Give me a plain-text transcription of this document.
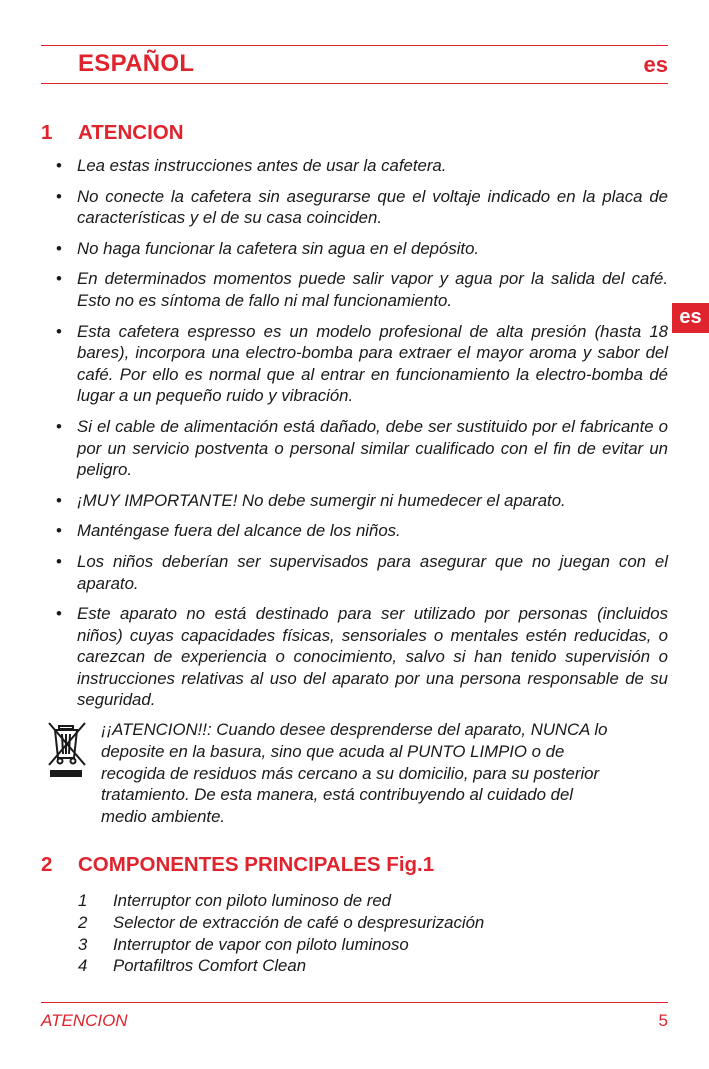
ESPAÑOL	es
es
1 ATENCION
• Lea estas instrucciones antes de usar la cafetera.
• No conecte la cafetera sin asegurarse que el voltaje indicado en la placa de características y el de su casa coinciden.
• No haga funcionar la cafetera sin agua en el depósito.
• En determinados momentos puede salir vapor y agua por la salida del café. Esto no es síntoma de fallo ni mal funcionamiento.
• Esta cafetera espresso es un modelo profesional de alta presión (hasta 18 bares), incorpora una electro-bomba para extraer el mayor aroma y sabor del café. Por ello es normal que al entrar en funcionamiento la electro-bomba dé lugar a un pequeño ruido y vibración.
• Si el cable de alimentación está dañado, debe ser sustituido por el fabricante o por un servicio postventa o personal similar cualificado con el fin de evitar un peligro.
• ¡MUY IMPORTANTE! No debe sumergir ni humedecer el aparato.
• Manténgase fuera del alcance de los niños.
• Los niños deberían ser supervisados para asegurar que no juegan con el aparato.
• Este aparato no está destinado para ser utilizado por personas (incluidos niños) cuyas capacidades físicas, sensoriales o mentales estén reducidas, o carezcan de experiencia o conocimiento, salvo si han tenido supervisión o instrucciones relativas al uso del aparato por una persona responsable de su seguridad.
¡¡ATENCION!!: Cuando desee desprenderse del aparato, NUNCA lo
deposite en la basura, sino que acuda al PUNTO LIMPIO o de
recogida de residuos más cercano a su domicilio, para su posterior
tratamiento. De esta manera, está contribuyendo al cuidado del
medio ambiente.
2 COMPONENTES PRINCIPALES Fig.1
1 Interruptor con piloto luminoso de red
2 Selector de extracción de café o despresurización
3 Interruptor de vapor con piloto luminoso
4 Portafiltros Comfort Clean
ATENCION	5
